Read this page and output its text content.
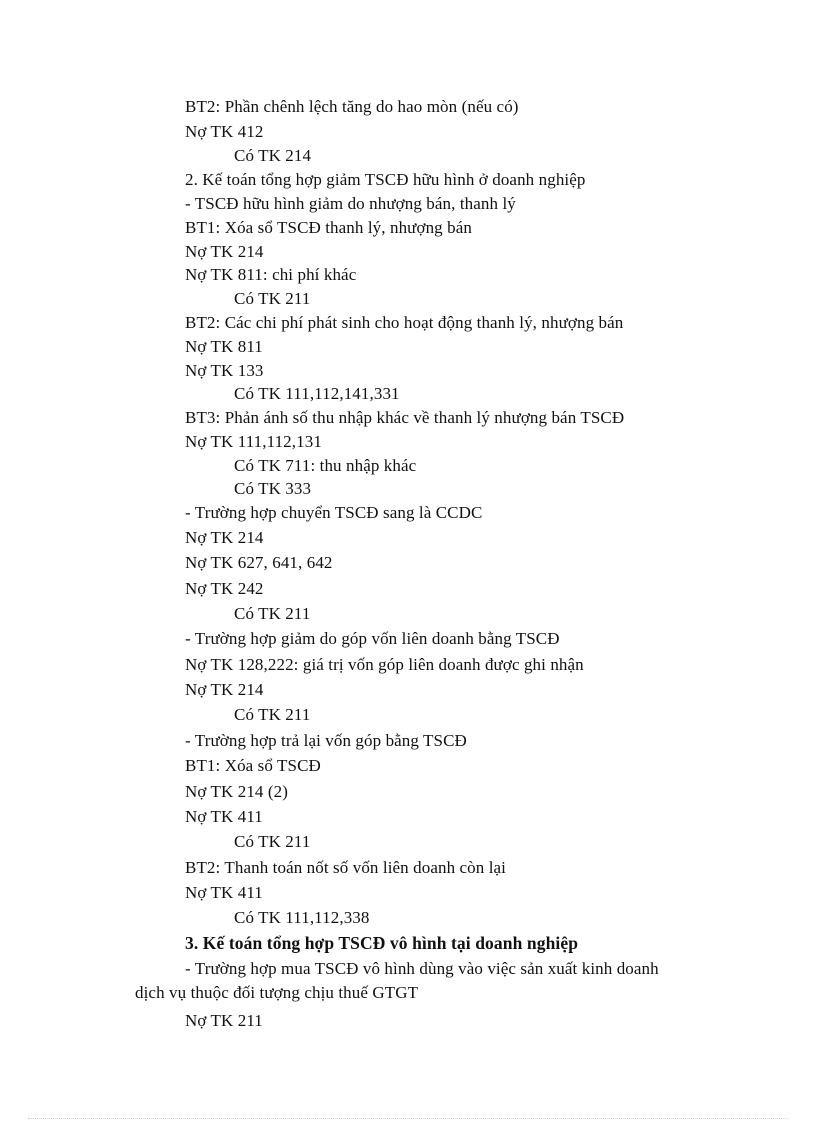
BT2: Phần chênh lệch tăng do hao mòn (nếu có)
Nợ TK 412
Có TK 214
2. Kế toán tổng hợp giảm TSCĐ hữu hình ở doanh nghiệp
- TSCĐ hữu hình giảm do nhượng bán, thanh lý
BT1: Xóa sổ TSCĐ thanh lý, nhượng bán
Nợ TK 214
Nợ TK 811: chi phí khác
Có TK 211
BT2: Các chi phí phát sinh cho hoạt động thanh lý, nhượng bán
Nợ TK 811
Nợ TK 133
Có TK 111,112,141,331
BT3: Phản ánh số thu nhập khác về thanh lý nhượng bán TSCĐ
Nợ TK 111,112,131
Có TK 711: thu nhập khác
Có TK 333
- Trường hợp chuyển TSCĐ sang là CCDC
Nợ TK 214
Nợ TK 627, 641, 642
Nợ TK 242
Có TK 211
- Trường hợp giảm do góp vốn liên doanh bằng TSCĐ
Nợ TK 128,222: giá trị vốn góp liên doanh được ghi nhận
Nợ TK 214
Có TK 211
- Trường hợp trả lại vốn góp bằng TSCĐ
BT1: Xóa sổ TSCĐ
Nợ TK 214 (2)
Nợ TK 411
Có TK 211
BT2: Thanh toán nốt số vốn liên doanh còn lại
Nợ TK 411
Có TK 111,112,338
3. Kế toán tổng hợp TSCĐ vô hình tại doanh nghiệp
- Trường hợp mua TSCĐ vô hình dùng vào việc sản xuất kinh doanh
dịch vụ thuộc đối tượng chịu thuế GTGT
Nợ TK 211
